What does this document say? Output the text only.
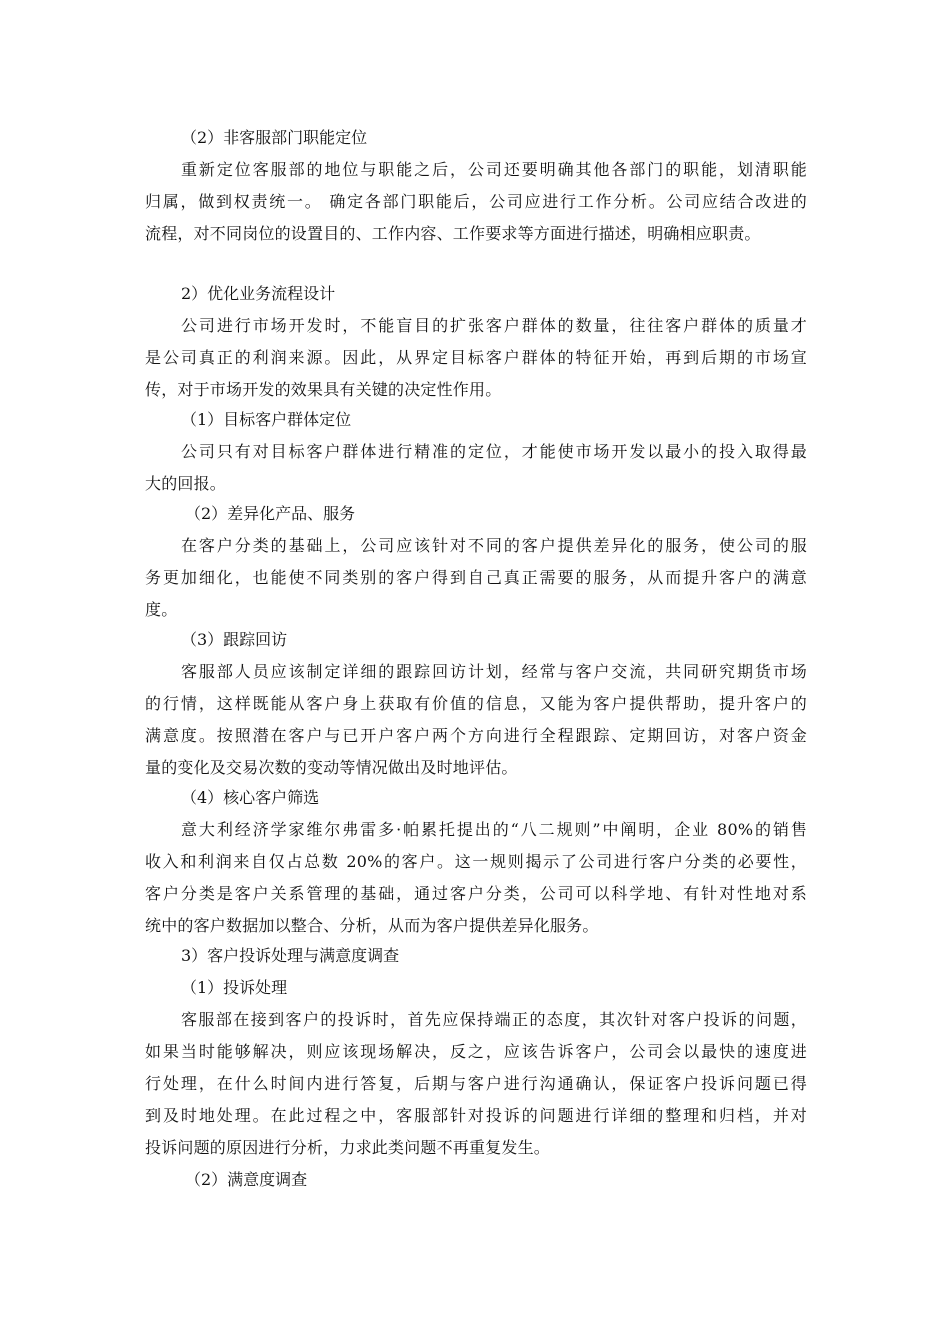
（2）非客服部门职能定位
重新定位客服部的地位与职能之后，公司还要明确其他各部门的职能，划清职能
归属，做到权责统一。 确定各部门职能后，公司应进行工作分析。公司应结合改进的
流程，对不同岗位的设置目的、工作内容、工作要求等方面进行描述，明确相应职责。
2）优化业务流程设计
公司进行市场开发时，不能盲目的扩张客户群体的数量，往往客户群体的质量才
是公司真正的利润来源。因此，从界定目标客户群体的特征开始，再到后期的市场宣
传，对于市场开发的效果具有关键的决定性作用。
（1）目标客户群体定位
公司只有对目标客户群体进行精准的定位，才能使市场开发以最小的投入取得最
大的回报。
（2）差异化产品、服务
在客户分类的基础上，公司应该针对不同的客户提供差异化的服务，使公司的服
务更加细化，也能使不同类别的客户得到自己真正需要的服务，从而提升客户的满意
度。
（3）跟踪回访
客服部人员应该制定详细的跟踪回访计划，经常与客户交流，共同研究期货市场
的行情，这样既能从客户身上获取有价值的信息，又能为客户提供帮助，提升客户的
满意度。按照潜在客户与已开户客户两个方向进行全程跟踪、定期回访，对客户资金
量的变化及交易次数的变动等情况做出及时地评估。
（4）核心客户筛选
意大利经济学家维尔弗雷多·帕累托提出的“八二规则”中阐明，企业 80%的销售
收入和利润来自仅占总数 20%的客户。这一规则揭示了公司进行客户分类的必要性，
客户分类是客户关系管理的基础，通过客户分类，公司可以科学地、有针对性地对系
统中的客户数据加以整合、分析，从而为客户提供差异化服务。
3）客户投诉处理与满意度调查
（1）投诉处理
客服部在接到客户的投诉时，首先应保持端正的态度，其次针对客户投诉的问题，
如果当时能够解决，则应该现场解决，反之，应该告诉客户，公司会以最快的速度进
行处理，在什么时间内进行答复，后期与客户进行沟通确认，保证客户投诉问题已得
到及时地处理。在此过程之中，客服部针对投诉的问题进行详细的整理和归档，并对
投诉问题的原因进行分析，力求此类问题不再重复发生。
（2）满意度调查
